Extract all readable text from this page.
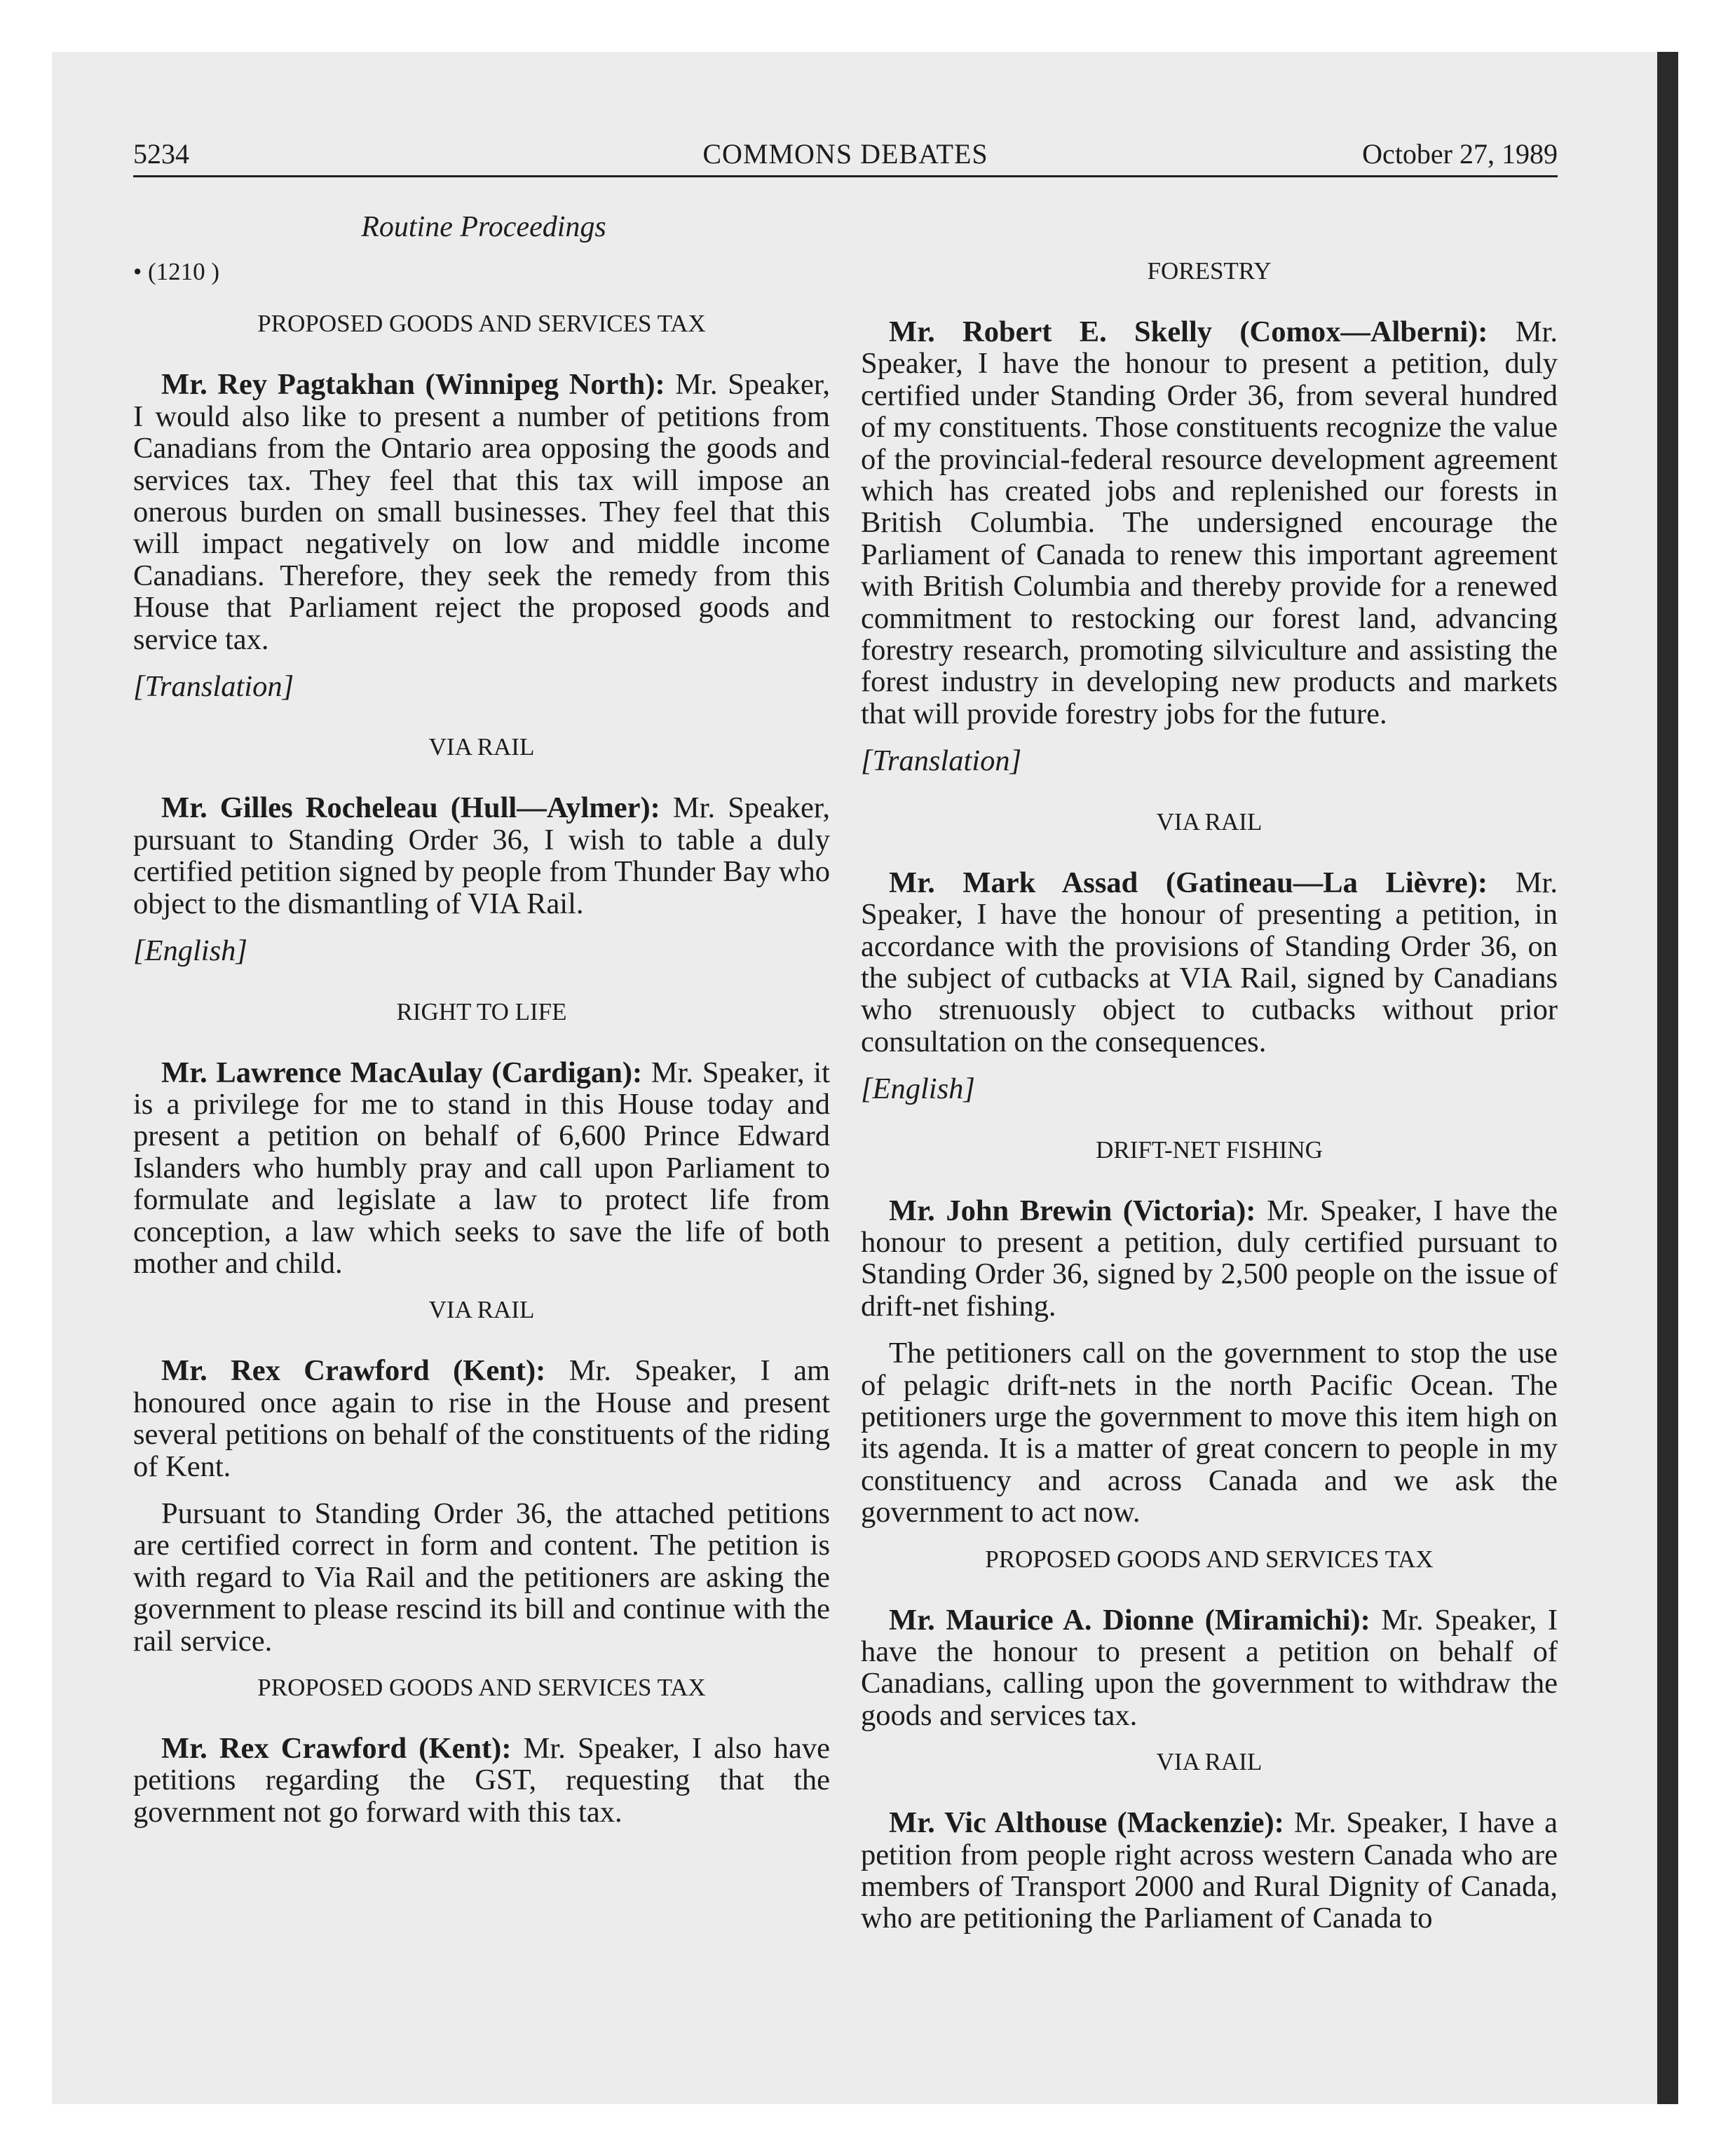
5234	COMMONS DEBATES	October 27, 1989
Routine Proceedings
• (1210 )
PROPOSED GOODS AND SERVICES TAX

Mr. Rey Pagtakhan (Winnipeg North): Mr. Speaker, I would also like to present a number of petitions from Canadians from the Ontario area opposing the goods and services tax. They feel that this tax will impose an onerous burden on small businesses. They feel that this will impact negatively on low and middle income Canadians. Therefore, they seek the remedy from this House that Parliament reject the proposed goods and service tax.

[Translation]
VIA RAIL

Mr. Gilles Rocheleau (Hull—Aylmer): Mr. Speaker, pursuant to Standing Order 36, I wish to table a duly certified petition signed by people from Thunder Bay who object to the dismantling of VIA Rail.

[English]
RIGHT TO LIFE

Mr. Lawrence MacAulay (Cardigan): Mr. Speaker, it is a privilege for me to stand in this House today and present a petition on behalf of 6,600 Prince Edward Islanders who humbly pray and call upon Parliament to formulate and legislate a law to protect life from conception, a law which seeks to save the life of both mother and child.

VIA RAIL

Mr. Rex Crawford (Kent): Mr. Speaker, I am honoured once again to rise in the House and present several petitions on behalf of the constituents of the riding of Kent.

Pursuant to Standing Order 36, the attached petitions are certified correct in form and content. The petition is with regard to Via Rail and the petitioners are asking the government to please rescind its bill and continue with the rail service.

PROPOSED GOODS AND SERVICES TAX

Mr. Rex Crawford (Kent): Mr. Speaker, I also have petitions regarding the GST, requesting that the government not go forward with this tax.

FORESTRY

Mr. Robert E. Skelly (Comox—Alberni): Mr. Speaker, I have the honour to present a petition, duly certified under Standing Order 36, from several hundred of my constituents. Those constituents recognize the value of the provincial-federal resource development agreement which has created jobs and replenished our forests in British Columbia. The undersigned encourage the Parliament of Canada to renew this important agreement with British Columbia and thereby provide for a renewed commitment to restocking our forest land, advancing forestry research, promoting silviculture and assisting the forest industry in developing new products and markets that will provide forestry jobs for the future.

[Translation]
VIA RAIL

Mr. Mark Assad (Gatineau—La Lièvre): Mr. Speaker, I have the honour of presenting a petition, in accordance with the provisions of Standing Order 36, on the subject of cutbacks at VIA Rail, signed by Canadians who strenuously object to cutbacks without prior consultation on the consequences.

[English]
DRIFT-NET FISHING

Mr. John Brewin (Victoria): Mr. Speaker, I have the honour to present a petition, duly certified pursuant to Standing Order 36, signed by 2,500 people on the issue of drift-net fishing.

The petitioners call on the government to stop the use of pelagic drift-nets in the north Pacific Ocean. The petitioners urge the government to move this item high on its agenda. It is a matter of great concern to people in my constituency and across Canada and we ask the government to act now.

PROPOSED GOODS AND SERVICES TAX

Mr. Maurice A. Dionne (Miramichi): Mr. Speaker, I have the honour to present a petition on behalf of Canadians, calling upon the government to withdraw the goods and services tax.

VIA RAIL

Mr. Vic Althouse (Mackenzie): Mr. Speaker, I have a petition from people right across western Canada who are members of Transport 2000 and Rural Dignity of Canada, who are petitioning the Parliament of Canada to
